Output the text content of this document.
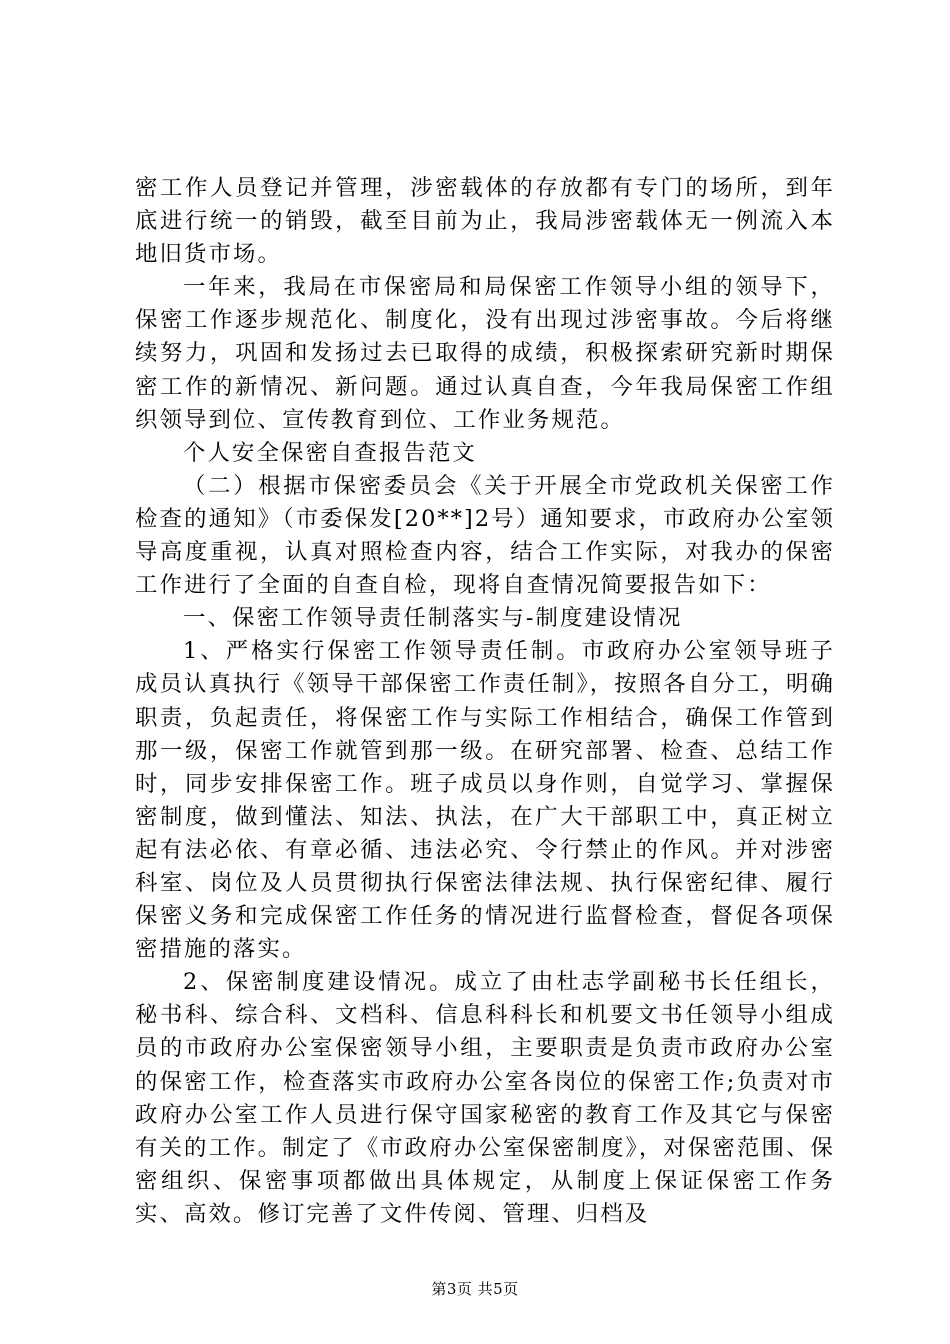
密工作人员登记并管理，涉密载体的存放都有专门的场所，到年底进行统一的销毁，截至目前为止，我局涉密载体无一例流入本地旧货市场。

一年来，我局在市保密局和局保密工作领导小组的领导下，保密工作逐步规范化、制度化，没有出现过涉密事故。今后将继续努力，巩固和发扬过去已取得的成绩，积极探索研究新时期保密工作的新情况、新问题。通过认真自查，今年我局保密工作组织领导到位、宣传教育到位、工作业务规范。

个人安全保密自查报告范文

（二）根据市保密委员会《关于开展全市党政机关保密工作检查的通知》（市委保发[20**]2号）通知要求，市政府办公室领导高度重视，认真对照检查内容，结合工作实际，对我办的保密工作进行了全面的自查自检，现将自查情况简要报告如下：

一、保密工作领导责任制落实与-制度建设情况

1、严格实行保密工作领导责任制。市政府办公室领导班子成员认真执行《领导干部保密工作责任制》，按照各自分工，明确职责，负起责任，将保密工作与实际工作相结合，确保工作管到那一级，保密工作就管到那一级。在研究部署、检查、总结工作时，同步安排保密工作。班子成员以身作则，自觉学习、掌握保密制度，做到懂法、知法、执法，在广大干部职工中，真正树立起有法必依、有章必循、违法必究、令行禁止的作风。并对涉密科室、岗位及人员贯彻执行保密法律法规、执行保密纪律、履行保密义务和完成保密工作任务的情况进行监督检查，督促各项保密措施的落实。

2、保密制度建设情况。成立了由杜志学副秘书长任组长，秘书科、综合科、文档科、信息科科长和机要文书任领导小组成员的市政府办公室保密领导小组，主要职责是负责市政府办公室的保密工作，检查落实市政府办公室各岗位的保密工作;负责对市政府办公室工作人员进行保守国家秘密的教育工作及其它与保密有关的工作。制定了《市政府办公室保密制度》，对保密范围、保密组织、保密事项都做出具体规定，从制度上保证保密工作务实、高效。修订完善了文件传阅、管理、归档及

第3页 共5页
